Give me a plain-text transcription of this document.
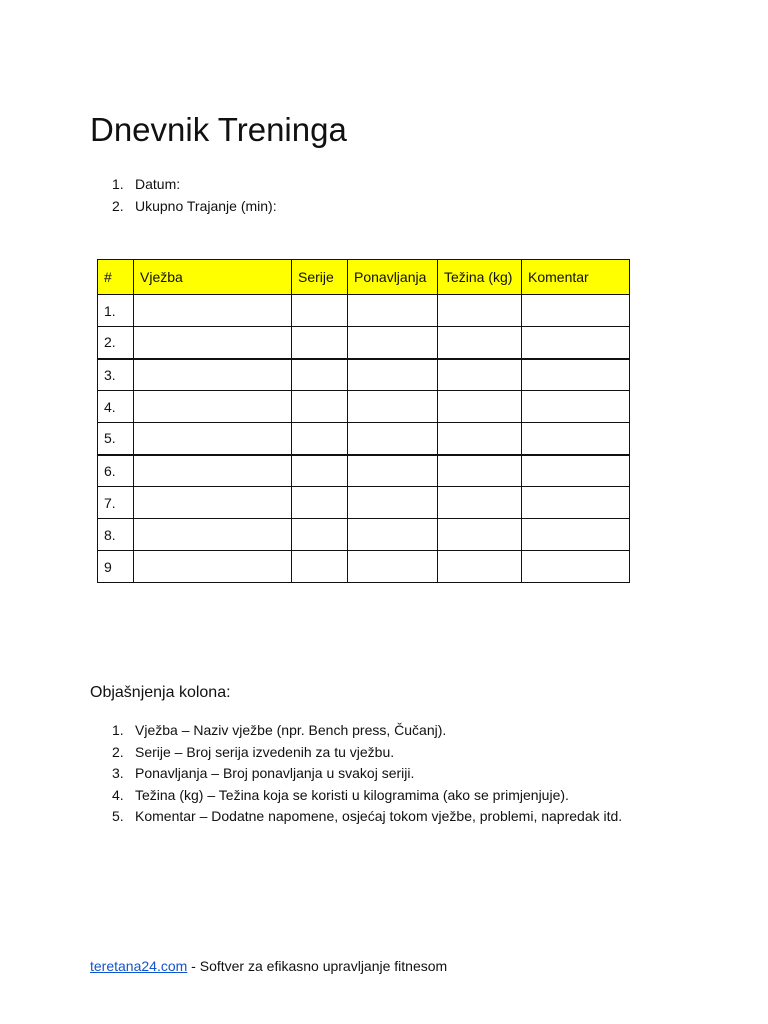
Dnevnik Treninga
1. Datum:
2. Ukupno Trajanje (min):
#	Vježba	Serije	Ponavljanja	Težina (kg)	Komentar
1.					
2.					
3.					
4.					
5.					
6.					
7.					
8.					
9					
Objašnjenja kolona:
1. Vježba – Naziv vježbe (npr. Bench press, Čučanj).
2. Serije – Broj serija izvedenih za tu vježbu.
3. Ponavljanja – Broj ponavljanja u svakoj seriji.
4. Težina (kg) – Težina koja se koristi u kilogramima (ako se primjenjuje).
5. Komentar – Dodatne napomene, osjećaj tokom vježbe, problemi, napredak itd.
teretana24.com - Softver za efikasno upravljanje fitnesom
